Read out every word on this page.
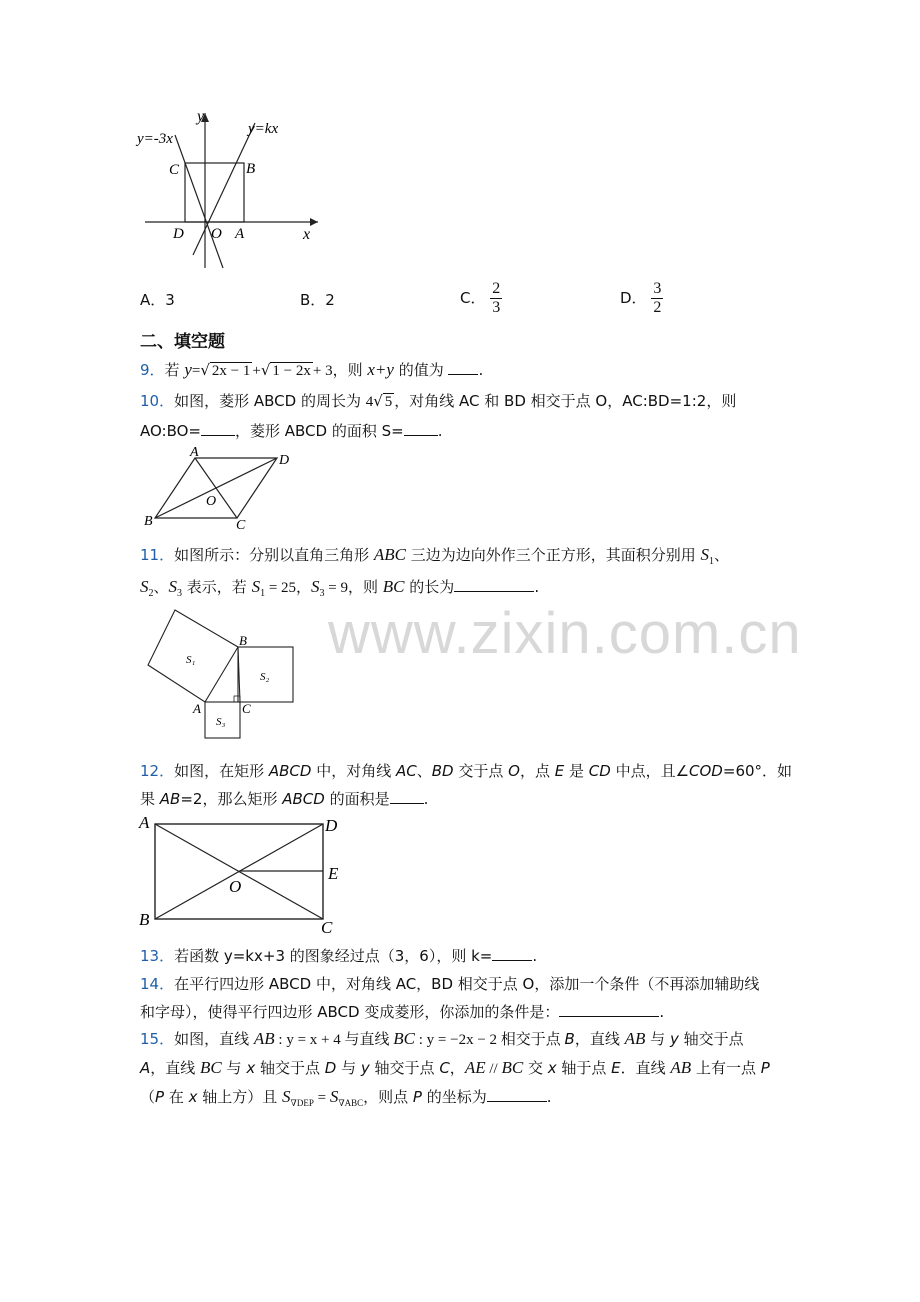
y
x
y=-3x
y=kx
C	B
D O A
A．3	B．2	C． $\frac{2}{3}$	D． $\frac{3}{2}$
二、填空题
9．若 y=√ 2x − 1 +√ 1 − 2x + 3，则 x+y 的值为 .
10．如图，菱形 ABCD 的周长为 4√ 5 ，对角线 AC 和 BD 相交于点 O，AC:BD=1:2，则
AO:BO= ，菱形 ABCD 的面积 S= .
A
D
O
B	C
11．如图所示：分别以直角三角形 ABC 三边为边向外作三个正方形，其面积分别用 $S_1$、
$S_2$、$S_3$ 表示，若 $S_1 = 25$，$S_3 = 9$，则 BC 的长为	.
S₁
S₂
S₃
A
B
C
12．如图，在矩形 ABCD 中，对角线 AC、BD 交于点 O，点 E 是 CD 中点，且∠COD=60°．如
果 AB=2，那么矩形 ABCD 的面积是 .
A	D
E
O
B	C
13．若函数 y=kx+3 的图象经过点（3，6），则 k=	.
14．在平行四边形 ABCD 中，对角线 AC，BD 相交于点 O，添加一个条件（不再添加辅助线
和字母），使得平行四边形 ABCD 变成菱形，你添加的条件是：	.
15．如图，直线 AB : y = x + 4 与直线 BC : y = −2x − 2 相交于点 B，直线 AB 与 y 轴交于点
A，直线 BC 与 x 轴交于点 D 与 y 轴交于点 C，AE // BC 交 x 轴于点 E．直线 AB 上有一点 P
（P 在 x 轴上方）且 $S_{\nabla DEP} = S_{\nabla ABC}$，则点 P 的坐标为	.
www.zixin.com.cn
